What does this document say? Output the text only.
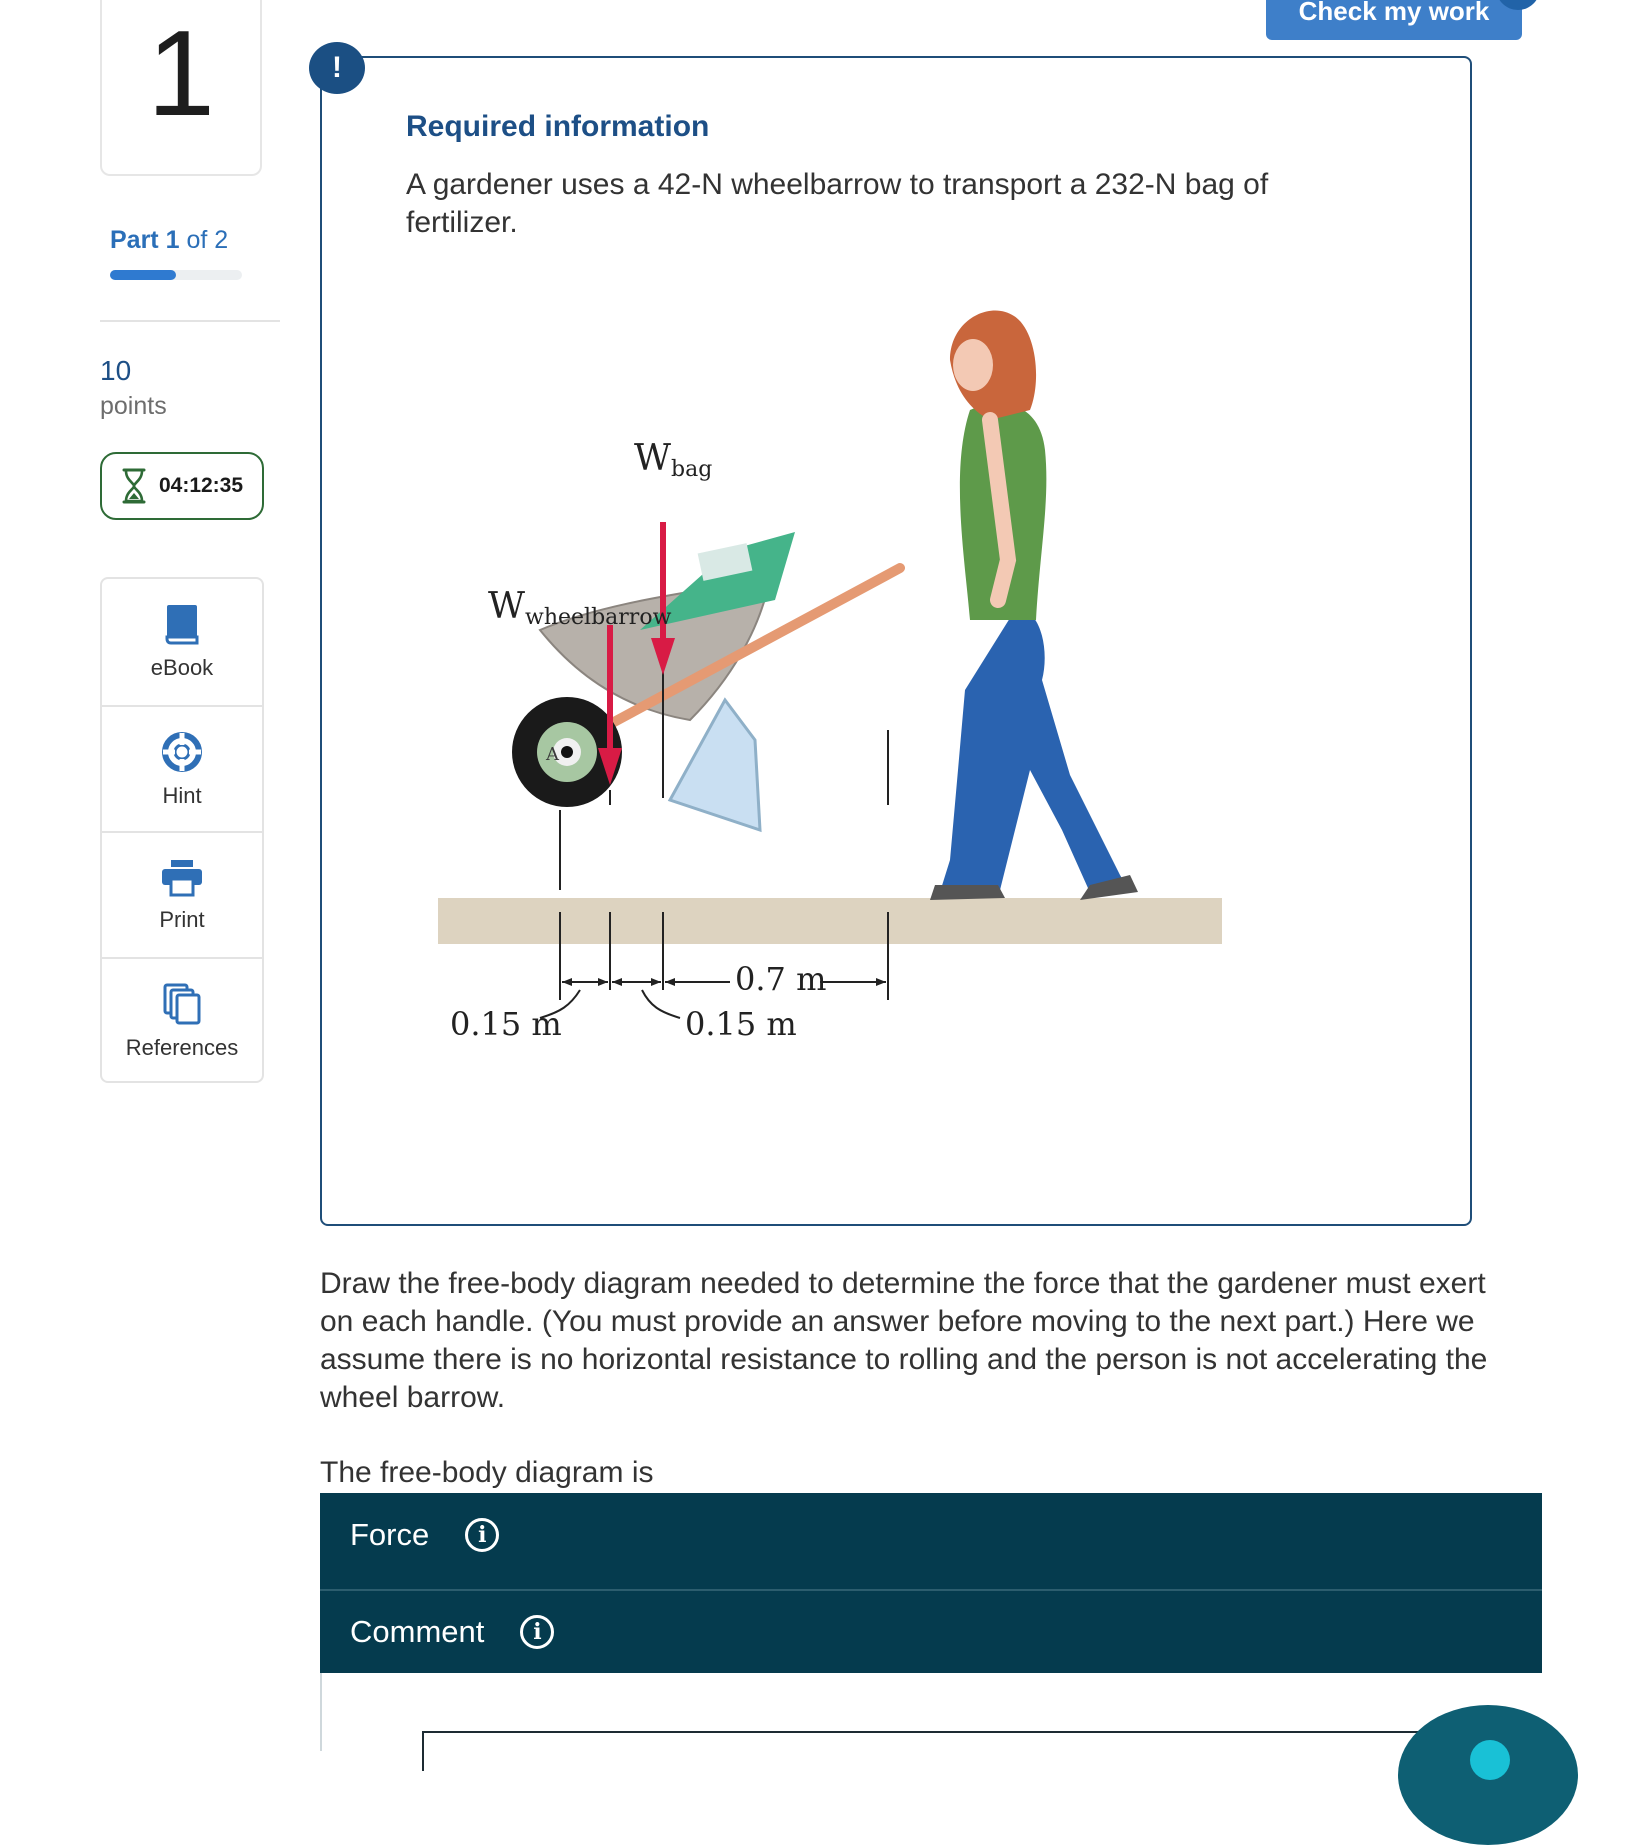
1
Part 1 of 2
10
points
04:12:35
eBook
Hint
Print
References
Check my work
!
Required information
A gardener uses a 42-N wheelbarrow to transport a 232-N bag of fertilizer.
Wbag
Wwheelbarrow
A
0.15 m	0.15 m
0.7 m
Draw the free-body diagram needed to determine the force that the gardener must exert on each handle. (You must provide an answer before moving to the next part.) Here we assume there is no horizontal resistance to rolling and the person is not accelerating the wheel barrow.
The free-body diagram is
Force	i
Comment	i
